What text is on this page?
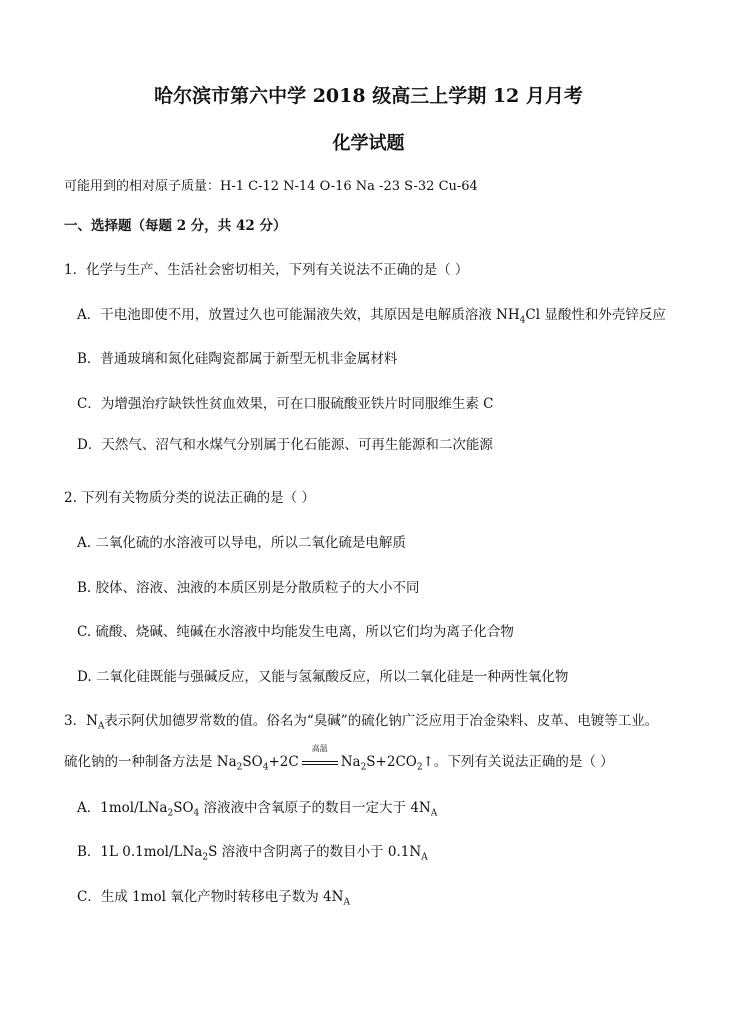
哈尔滨市第六中学 2018 级高三上学期 12 月月考
化学试题
可能用到的相对原子质量：H-1 C-12 N-14 O-16 Na -23 S-32 Cu-64
一、选择题（每题 2 分，共 42 分）
1．化学与生产、生活社会密切相关，下列有关说法不正确的是（ ）
A．干电池即使不用，放置过久也可能漏液失效，其原因是电解质溶液 $NH_4Cl$ 显酸性和外壳锌反应
B．普通玻璃和氮化硅陶瓷都属于新型无机非金属材料
C．为增强治疗缺铁性贫血效果，可在口服硫酸亚铁片时同服维生素 C
D．天然气、沼气和水煤气分别属于化石能源、可再生能源和二次能源
2. 下列有关物质分类的说法正确的是（ ）
A. 二氧化硫的水溶液可以导电，所以二氧化硫是电解质
B. 胶体、溶液、浊液的本质区别是分散质粒子的大小不同
C. 硫酸、烧碱、纯碱在水溶液中均能发生电离，所以它们均为离子化合物
D. 二氧化硅既能与强碱反应，又能与氢氟酸反应，所以二氧化硅是一种两性氧化物
3．$N_A$表示阿伏加德罗常数的值。俗名为“臭碱”的硫化钠广泛应用于冶金染料、皮革、电镀等工业。
硫化钠的一种制备方法是 $Na_2SO_4+2C$
高温
$Na_2S+2CO_2↑$。下列有关说法正确的是（ ）
A．$1mol/LNa_2SO_4$ 溶液液中含氧原子的数目一定大于 $4N_A$
B．1L 0.1mol/LNa$_2$S 溶液中含阴离子的数目小于 $0.1N_A$
C．生成 1mol 氧化产物时转移电子数为 $4N_A$
